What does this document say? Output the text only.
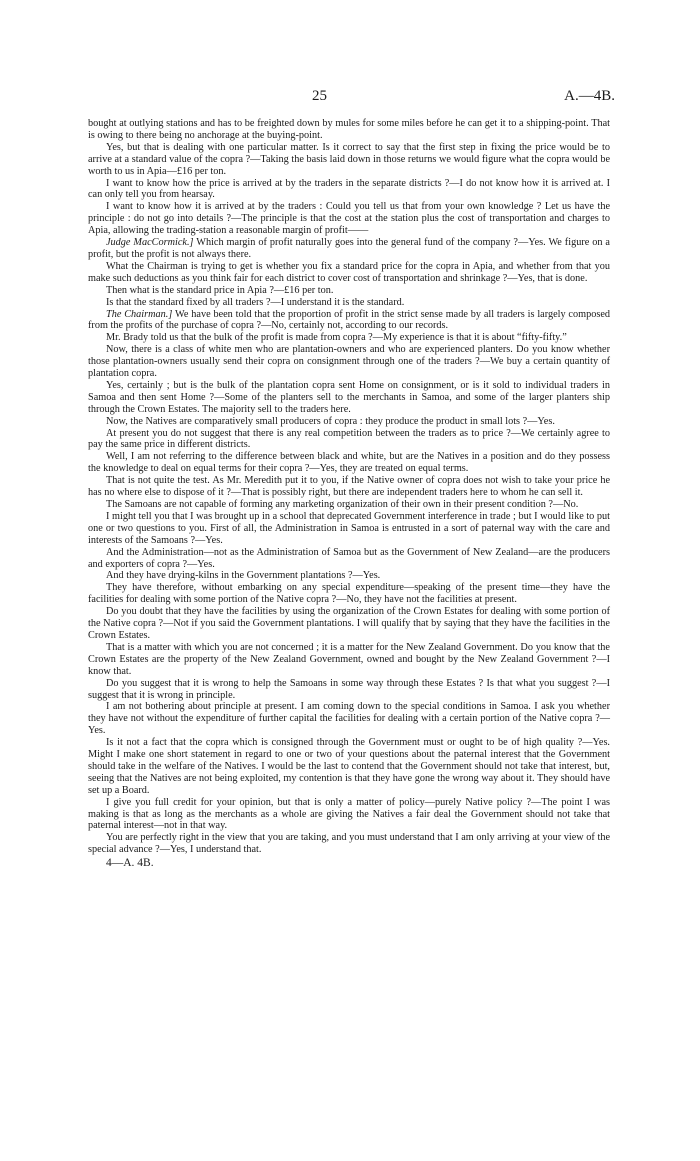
25	A.—4B.

bought at outlying stations and has to be freighted down by mules for some miles before he can get it to a shipping-point. That is owing to there being no anchorage at the buying-point.

Yes, but that is dealing with one particular matter. Is it correct to say that the first step in fixing the price would be to arrive at a standard value of the copra ?—Taking the basis laid down in those returns we would figure what the copra would be worth to us in Apia—£16 per ton.

I want to know how the price is arrived at by the traders in the separate districts ?—I do not know how it is arrived at. I can only tell you from hearsay.

I want to know how it is arrived at by the traders : Could you tell us that from your own knowledge ? Let us have the principle : do not go into details ?—The principle is that the cost at the station plus the cost of transportation and charges to Apia, allowing the trading-station a reasonable margin of profit——

Judge MacCormick.] Which margin of profit naturally goes into the general fund of the company ?—Yes. We figure on a profit, but the profit is not always there.

What the Chairman is trying to get is whether you fix a standard price for the copra in Apia, and whether from that you make such deductions as you think fair for each district to cover cost of transportation and shrinkage ?—Yes, that is done.

Then what is the standard price in Apia ?—£16 per ton.

Is that the standard fixed by all traders ?—I understand it is the standard.

The Chairman.] We have been told that the proportion of profit in the strict sense made by all traders is largely composed from the profits of the purchase of copra ?—No, certainly not, according to our records.

Mr. Brady told us that the bulk of the profit is made from copra ?—My experience is that it is about “fifty-fifty.”

Now, there is a class of white men who are plantation-owners and who are experienced planters. Do you know whether those plantation-owners usually send their copra on consignment through one of the traders ?—We buy a certain quantity of plantation copra.

Yes, certainly ; but is the bulk of the plantation copra sent Home on consignment, or is it sold to individual traders in Samoa and then sent Home ?—Some of the planters sell to the merchants in Samoa, and some of the larger planters ship through the Crown Estates. The majority sell to the traders here.

Now, the Natives are comparatively small producers of copra : they produce the product in small lots ?—Yes.

At present you do not suggest that there is any real competition between the traders as to price ?—We certainly agree to pay the same price in different districts.

Well, I am not referring to the difference between black and white, but are the Natives in a position and do they possess the knowledge to deal on equal terms for their copra ?—Yes, they are treated on equal terms.

That is not quite the test. As Mr. Meredith put it to you, if the Native owner of copra does not wish to take your price he has no where else to dispose of it ?—That is possibly right, but there are independent traders here to whom he can sell it.

The Samoans are not capable of forming any marketing organization of their own in their present condition ?—No.

I might tell you that I was brought up in a school that deprecated Government interference in trade ; but I would like to put one or two questions to you. First of all, the Administration in Samoa is entrusted in a sort of paternal way with the care and interests of the Samoans ?—Yes.

And the Administration—not as the Administration of Samoa but as the Government of New Zealand—are the producers and exporters of copra ?—Yes.

And they have drying-kilns in the Government plantations ?—Yes.

They have therefore, without embarking on any special expenditure—speaking of the present time—they have the facilities for dealing with some portion of the Native copra ?—No, they have not the facilities at present.

Do you doubt that they have the facilities by using the organization of the Crown Estates for dealing with some portion of the Native copra ?—Not if you said the Government plantations. I will qualify that by saying that they have the facilities in the Crown Estates.

That is a matter with which you are not concerned ; it is a matter for the New Zealand Government. Do you know that the Crown Estates are the property of the New Zealand Government, owned and bought by the New Zealand Government ?—I know that.

Do you suggest that it is wrong to help the Samoans in some way through these Estates ? Is that what you suggest ?—I suggest that it is wrong in principle.

I am not bothering about principle at present. I am coming down to the special conditions in Samoa. I ask you whether they have not without the expenditure of further capital the facilities for dealing with a certain portion of the Native copra ?—Yes.

Is it not a fact that the copra which is consigned through the Government must or ought to be of high quality ?—Yes. Might I make one short statement in regard to one or two of your questions about the paternal interest that the Government should take in the welfare of the Natives. I would be the last to contend that the Government should not take that interest, but, seeing that the Natives are not being exploited, my contention is that they have gone the wrong way about it. They should have set up a Board.

I give you full credit for your opinion, but that is only a matter of policy—purely Native policy ?—The point I was making is that as long as the merchants as a whole are giving the Natives a fair deal the Government should not take that paternal interest—not in that way.

You are perfectly right in the view that you are taking, and you must understand that I am only arriving at your view of the special advance ?—Yes, I understand that.

4—A. 4B.
